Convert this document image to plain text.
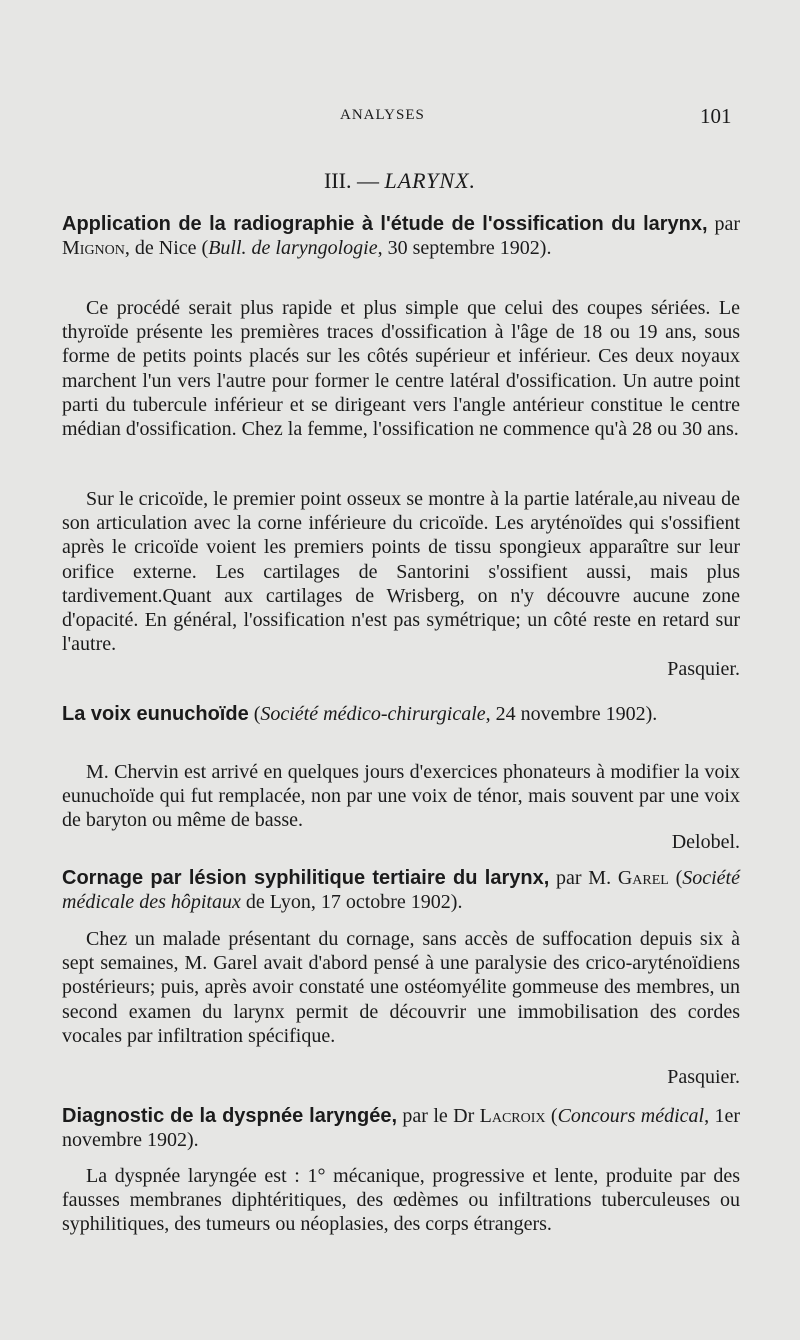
ANALYSES	101
III. — LARYNX.

Application de la radiographie à l'étude de l'ossification du larynx, par Mignon, de Nice (Bull. de laryngologie, 30 septembre 1902).

Ce procédé serait plus rapide et plus simple que celui des coupes sériées. Le thyroïde présente les premières traces d'ossification à l'âge de 18 ou 19 ans, sous forme de petits points placés sur les côtés supérieur et inférieur. Ces deux noyaux marchent l'un vers l'autre pour former le centre latéral d'ossification. Un autre point parti du tubercule inférieur et se dirigeant vers l'angle antérieur constitue le centre médian d'ossification. Chez la femme, l'ossification ne commence qu'à 28 ou 30 ans.
Sur le cricoïde, le premier point osseux se montre à la partie latérale,au niveau de son articulation avec la corne inférieure du cricoïde. Les aryténoïdes qui s'ossifient après le cricoïde voient les premiers points de tissu spongieux apparaître sur leur orifice externe. Les cartilages de Santorini s'ossifient aussi, mais plus tardivement.Quant aux cartilages de Wrisberg, on n'y découvre aucune zone d'opacité. En général, l'ossification n'est pas symétrique; un côté reste en retard sur l'autre.
Pasquier.

La voix eunuchoïde (Société médico-chirurgicale, 24 novembre 1902).

M. Chervin est arrivé en quelques jours d'exercices phonateurs à modifier la voix eunuchoïde qui fut remplacée, non par une voix de ténor, mais souvent par une voix de baryton ou même de basse.
Delobel.

Cornage par lésion syphilitique tertiaire du larynx, par M. Garel (Société médicale des hôpitaux de Lyon, 17 octobre 1902).

Chez un malade présentant du cornage, sans accès de suffocation depuis six à sept semaines, M. Garel avait d'abord pensé à une paralysie des crico-aryténoïdiens postérieurs; puis, après avoir constaté une ostéomyélite gommeuse des membres, un second examen du larynx permit de découvrir une immobilisation des cordes vocales par infiltration spécifique.
Pasquier.

Diagnostic de la dyspnée laryngée, par le Dr Lacroix (Concours médical, 1er novembre 1902).

La dyspnée laryngée est : 1° mécanique, progressive et lente, produite par des fausses membranes diphtéritiques, des œdèmes ou infiltrations tuberculeuses ou syphilitiques, des tumeurs ou néoplasies, des corps étrangers.
